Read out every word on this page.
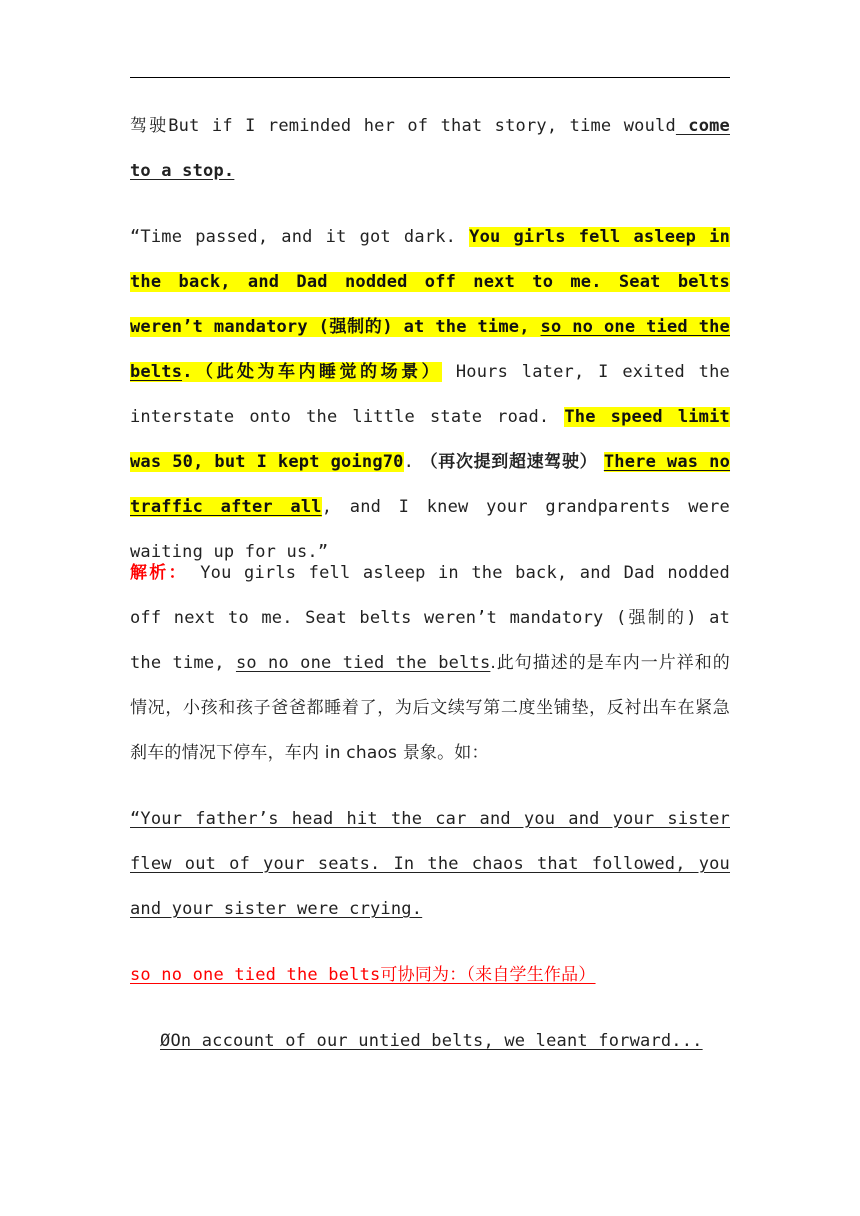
驾驶But if I reminded her of that story, time would come to a stop.

“Time passed, and it got dark. You girls fell asleep in the back, and Dad nodded off next to me. Seat belts weren’t mandatory (强制的) at the time, so no one tied the belts.（此处为车内睡觉的场景） Hours later, I exited the interstate onto the little state road. The speed limit was 50, but I kept going70. （再次提到超速驾驶） There was no traffic after all, and I knew your grandparents were waiting up for us.”

解析： You girls fell asleep in the back, and Dad nodded off next to me. Seat belts weren’t mandatory (强制的) at the time, so no one tied the belts.此句描述的是车内一片祥和的情况，小孩和孩子爸爸都睡着了，为后文续写第二度坐铺垫，反衬出车在紧急刹车的情况下停车，车内 in chaos 景象。如：

“Your father’s head hit the car and you and your sister flew out of your seats. In the chaos that followed, you and your sister were crying.

so no one tied the belts可协同为：（来自学生作品）

ØOn account of our untied belts, we leant forward...
